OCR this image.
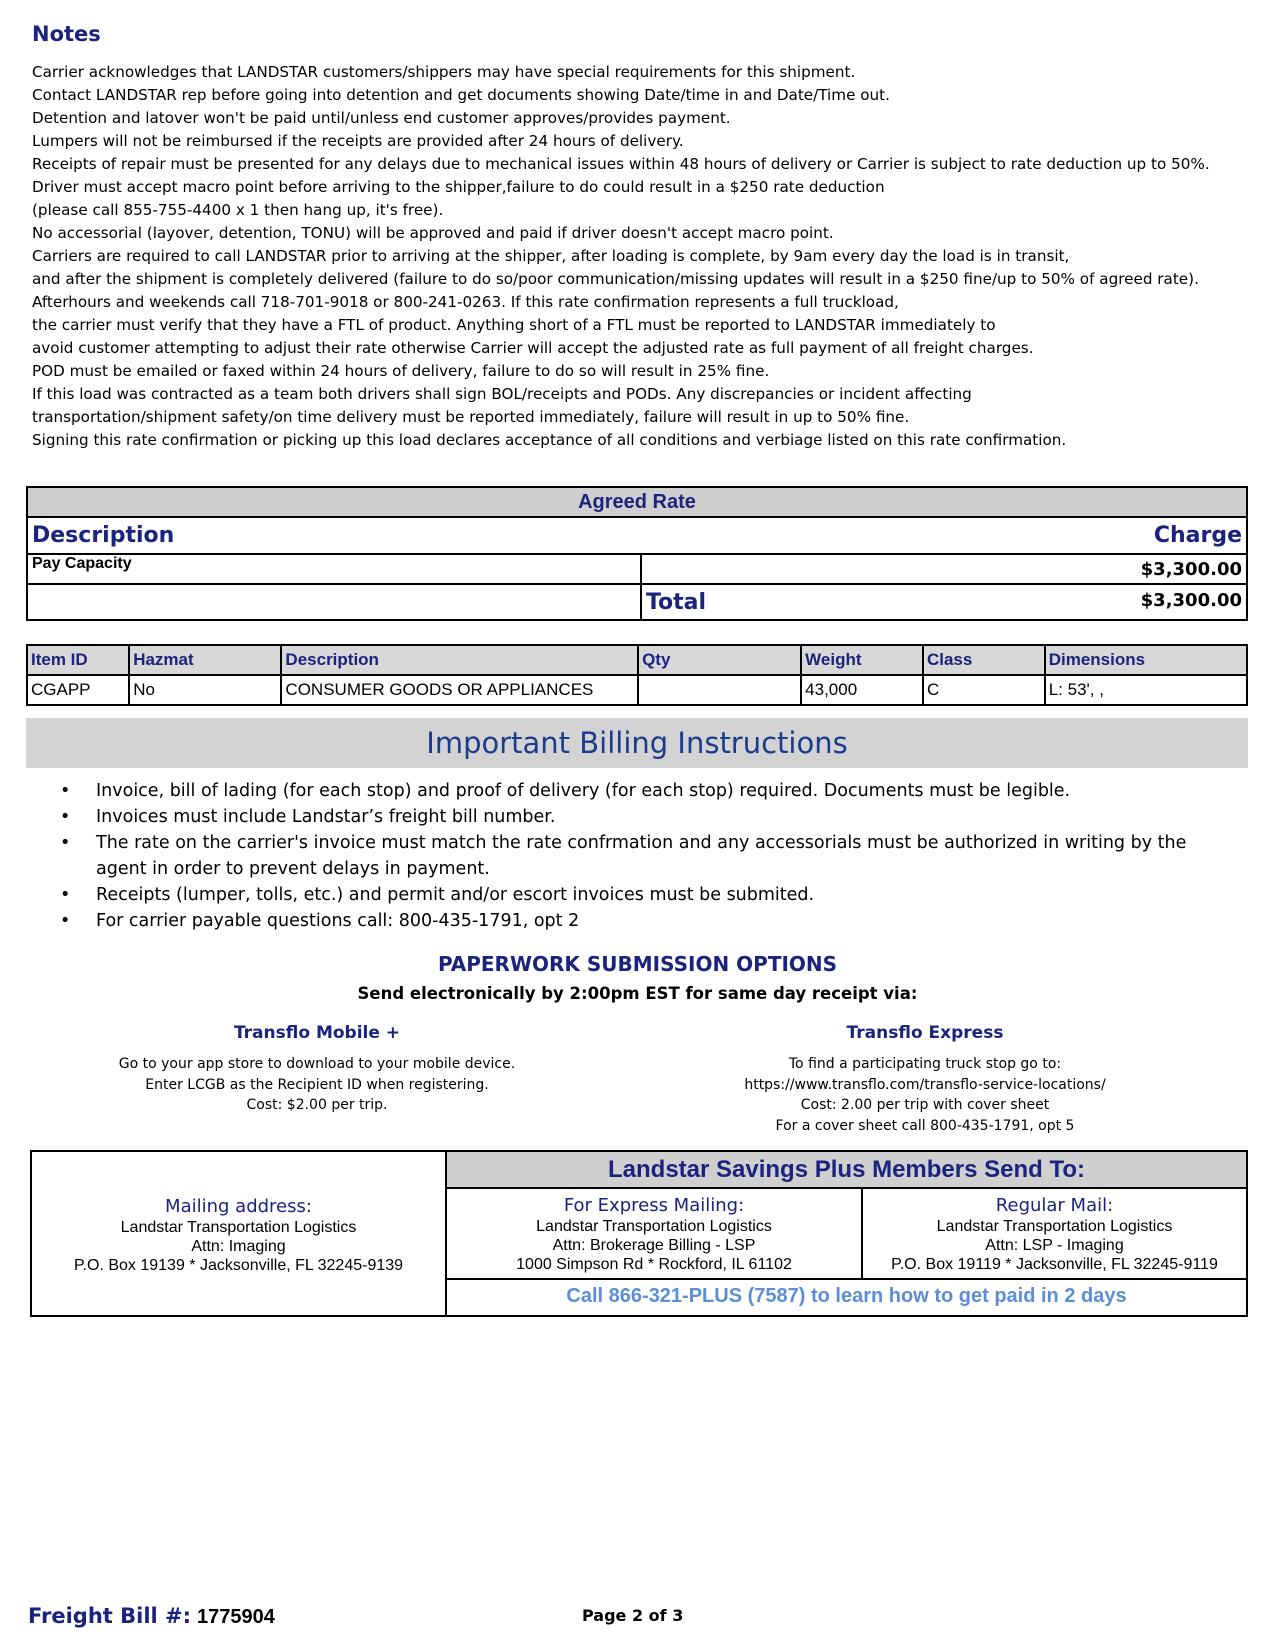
Notes
Carrier acknowledges that LANDSTAR customers/shippers may have special requirements for this shipment.
Contact LANDSTAR rep before going into detention and get documents showing Date/time in and Date/Time out.
Detention and latover won't be paid until/unless end customer approves/provides payment.
Lumpers will not be reimbursed if the receipts are provided after 24 hours of delivery.
Receipts of repair must be presented for any delays due to mechanical issues within 48 hours of delivery or Carrier is subject to rate deduction up to 50%.
Driver must accept macro point before arriving to the shipper,failure to do could result in a $250 rate deduction
(please call 855-755-4400 x 1 then hang up, it's free).
No accessorial (layover, detention, TONU) will be approved and paid if driver doesn't accept macro point.
Carriers are required to call LANDSTAR prior to arriving at the shipper, after loading is complete, by 9am every day the load is in transit,
and after the shipment is completely delivered (failure to do so/poor communication/missing updates will result in a $250 fine/up to 50% of agreed rate).
Afterhours and weekends call 718-701-9018 or 800-241-0263. If this rate confirmation represents a full truckload,
the carrier must verify that they have a FTL of product. Anything short of a FTL must be reported to LANDSTAR immediately to
avoid customer attempting to adjust their rate otherwise Carrier will accept the adjusted rate as full payment of all freight charges.
POD must be emailed or faxed within 24 hours of delivery, failure to do so will result in 25% fine.
If this load was contracted as a team both drivers shall sign BOL/receipts and PODs. Any discrepancies or incident affecting
transportation/shipment safety/on time delivery must be reported immediately, failure will result in up to 50% fine.
Signing this rate confirmation or picking up this load declares acceptance of all conditions and verbiage listed on this rate confirmation.
Agreed Rate	

Description Charge	

Pay Capacity	$3,300.00

	Total $3,300.00
Item ID	Hazmat	Description	Qty	Weight	Class	Dimensions
CGAPP	No	CONSUMER GOODS OR APPLIANCES		43,000	C	L: 53', ,
Important Billing Instructions
• Invoice, bill of lading (for each stop) and proof of delivery (for each stop) required. Documents must be legible.
• Invoices must include Landstar’s freight bill number.
• The rate on the carrier's invoice must match the rate confrmation and any accessorials must be authorized in writing by the agent in order to prevent delays in payment.
• Receipts (lumper, tolls, etc.) and permit and/or escort invoices must be submited.
• For carrier payable questions call: 800-435-1791, opt 2
PAPERWORK SUBMISSION OPTIONS
Send electronically by 2:00pm EST for same day receipt via:
Transflo Mobile +
Go to your app store to download to your mobile device.
Enter LCGB as the Recipient ID when registering.
Cost: $2.00 per trip.
Transflo Express
To find a participating truck stop go to:
https://www.transflo.com/transflo-service-locations/
Cost: 2.00 per trip with cover sheet
For a cover sheet call 800-435-1791, opt 5
Mailing address:
Landstar Transportation Logistics
Attn: Imaging
P.O. Box 19139 * Jacksonville, FL 32245-9139
Landstar Savings Plus Members Send To:
For Express Mailing:
Landstar Transportation Logistics
Attn: Brokerage Billing - LSP
1000 Simpson Rd * Rockford, IL 61102
Regular Mail:
Landstar Transportation Logistics
Attn: LSP - Imaging
P.O. Box 19119 * Jacksonville, FL 32245-9119
Call 866-321-PLUS (7587) to learn how to get paid in 2 days
Freight Bill #: 1775904	Page 2 of 3
